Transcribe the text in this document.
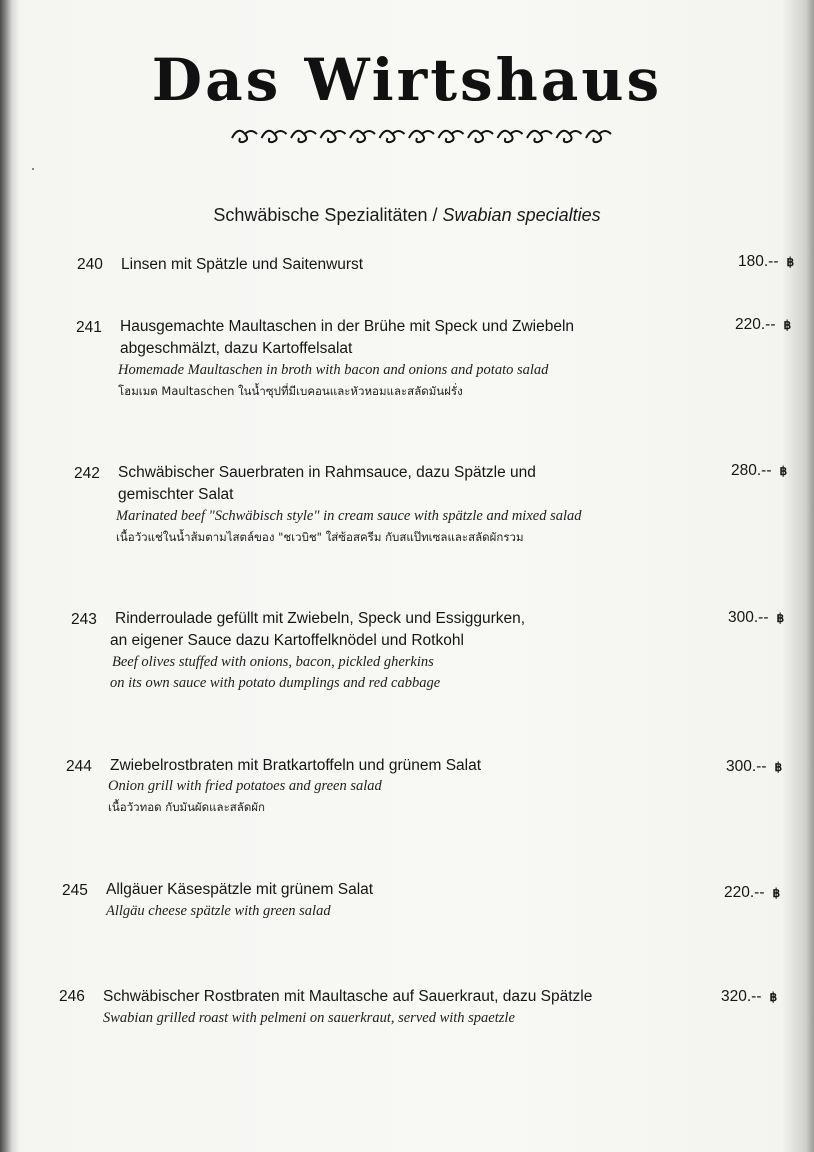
Das Wirtshaus
Schwäbische Spezialitäten / Swabian specialties
240 Linsen mit Spätzle und Saitenwurst	180.-- ฿
241 Hausgemachte Maultaschen in der Brühe mit Speck und Zwiebeln
abgeschmälzt, dazu Kartoffelsalat
Homemade Maultaschen in broth with bacon and onions and potato salad
โฮมเมด Maultaschen ในน้ำซุปที่มีเบคอนและหัวหอมและสลัดมันฝรั่ง
220.-- ฿
242 Schwäbischer Sauerbraten in Rahmsauce, dazu Spätzle und
gemischter Salat
Marinated beef "Schwäbisch style" in cream sauce with spätzle and mixed salad
เนื้อวัวแช่ในน้ำส้มตามไสตล์ของ "ชเวบิช" ใส่ซ้อสครีม กับสแป๊ทเซลและสลัดผักรวม
280.-- ฿
243 Rinderroulade gefüllt mit Zwiebeln, Speck und Essiggurken,
an eigener Sauce dazu Kartoffelknödel und Rotkohl
Beef olives stuffed with onions, bacon, pickled gherkins
on its own sauce with potato dumplings and red cabbage
300.-- ฿
244 Zwiebelrostbraten mit Bratkartoffeln und grünem Salat
Onion grill with fried potatoes and green salad
เนื้อวัวทอด กับมันผัดและสลัดผัก
300.-- ฿
245 Allgäuer Käsespätzle mit grünem Salat
Allgäu cheese spätzle with green salad
220.-- ฿
246 Schwäbischer Rostbraten mit Maultasche auf Sauerkraut, dazu Spätzle
Swabian grilled roast with pelmeni on sauerkraut, served with spaetzle
320.-- ฿
